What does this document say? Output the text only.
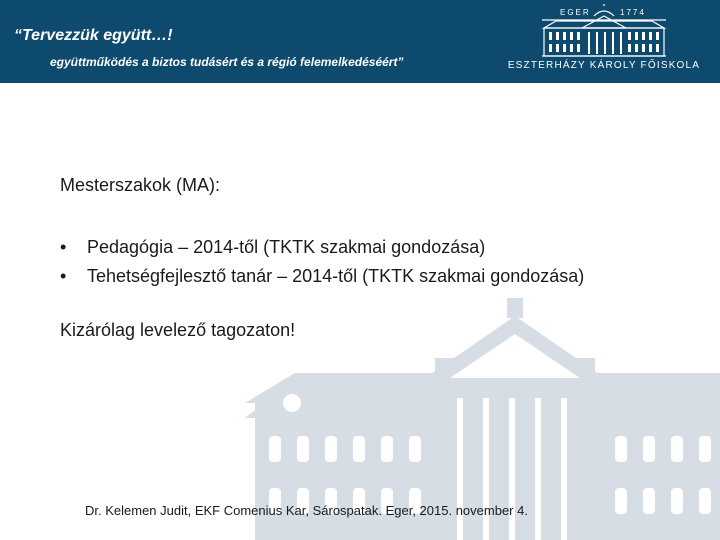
“Tervezzük együtt…!
együttműködés a biztos tudásért és a régió felemelkedéséért”
EGER	1774
ESZTERHÁZY KÁROLY FŐISKOLA
Mesterszakok (MA):
• Pedagógia – 2014-től (TKTK szakmai gondozása)
• Tehetségfejlesztő tanár – 2014-től (TKTK szakmai gondozása)
Kizárólag levelező tagozaton!
Dr. Kelemen Judit, EKF Comenius Kar, Sárospatak. Eger, 2015. november 4.
